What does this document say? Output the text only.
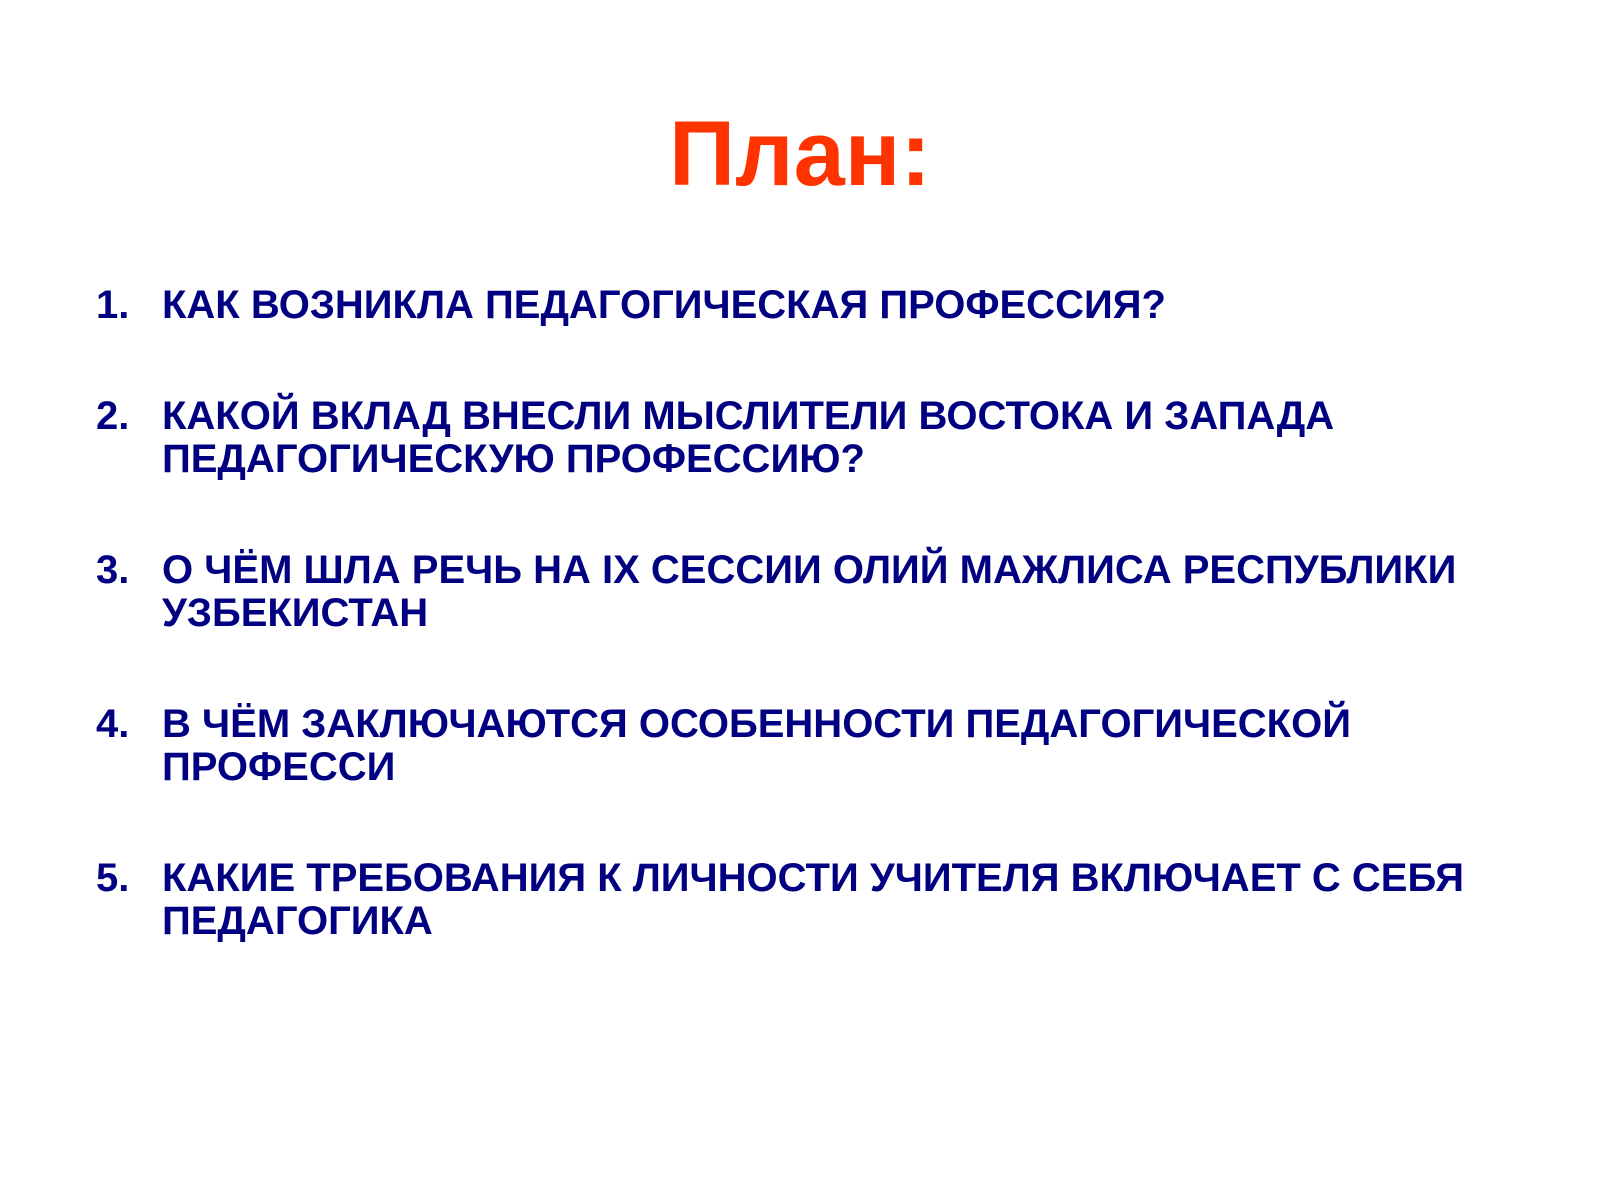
План:
1. КАК ВОЗНИКЛА ПЕДАГОГИЧЕСКАЯ ПРОФЕССИЯ?
2. КАКОЙ ВКЛАД ВНЕСЛИ МЫСЛИТЕЛИ ВОСТОКА И ЗАПАДА ПЕДАГОГИЧЕСКУЮ ПРОФЕССИЮ?
3. О ЧЁМ ШЛА РЕЧЬ НА IX СЕССИИ ОЛИЙ МАЖЛИСА РЕСПУБЛИКИ УЗБЕКИСТАН
4. В ЧЁМ ЗАКЛЮЧАЮТСЯ ОСОБЕННОСТИ ПЕДАГОГИЧЕСКОЙ ПРОФЕССИ
5. КАКИЕ ТРЕБОВАНИЯ К ЛИЧНОСТИ УЧИТЕЛЯ ВКЛЮЧАЕТ С СЕБЯ ПЕДАГОГИКА
